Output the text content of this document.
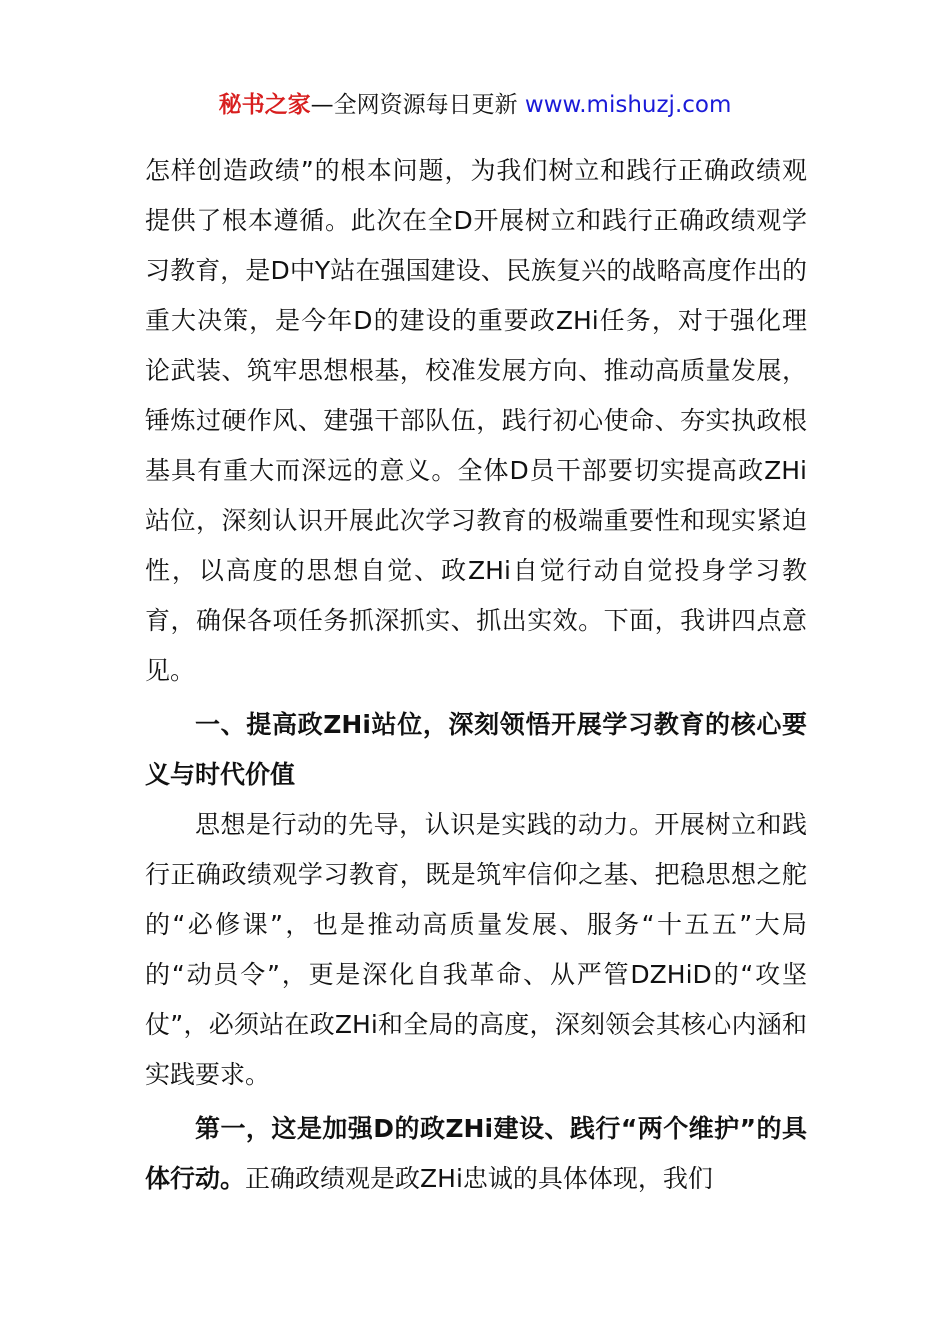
秘书之家—全网资源每日更新 www.mishuzj.com

怎样创造政绩”的根本问题，为我们树立和践行正确政绩观提供了根本遵循。此次在全D开展树立和践行正确政绩观学习教育，是D中Y站在强国建设、民族复兴的战略高度作出的重大决策，是今年D的建设的重要政ZHi任务，对于强化理论武装、筑牢思想根基，校准发展方向、推动高质量发展，锤炼过硬作风、建强干部队伍，践行初心使命、夯实执政根基具有重大而深远的意义。全体D员干部要切实提高政ZHi站位，深刻认识开展此次学习教育的极端重要性和现实紧迫性，以高度的思想自觉、政ZHi自觉行动自觉投身学习教育，确保各项任务抓深抓实、抓出实效。下面，我讲四点意见。

一、提高政ZHi站位，深刻领悟开展学习教育的核心要义与时代价值

思想是行动的先导，认识是实践的动力。开展树立和践行正确政绩观学习教育，既是筑牢信仰之基、把稳思想之舵的“必修课”，也是推动高质量发展、服务“十五五”大局的“动员令”，更是深化自我革命、从严管DZHiD的“攻坚仗”，必须站在政ZHi和全局的高度，深刻领会其核心内涵和实践要求。

第一，这是加强D的政ZHi建设、践行“两个维护”的具体行动。正确政绩观是政ZHi忠诚的具体体现，我们
